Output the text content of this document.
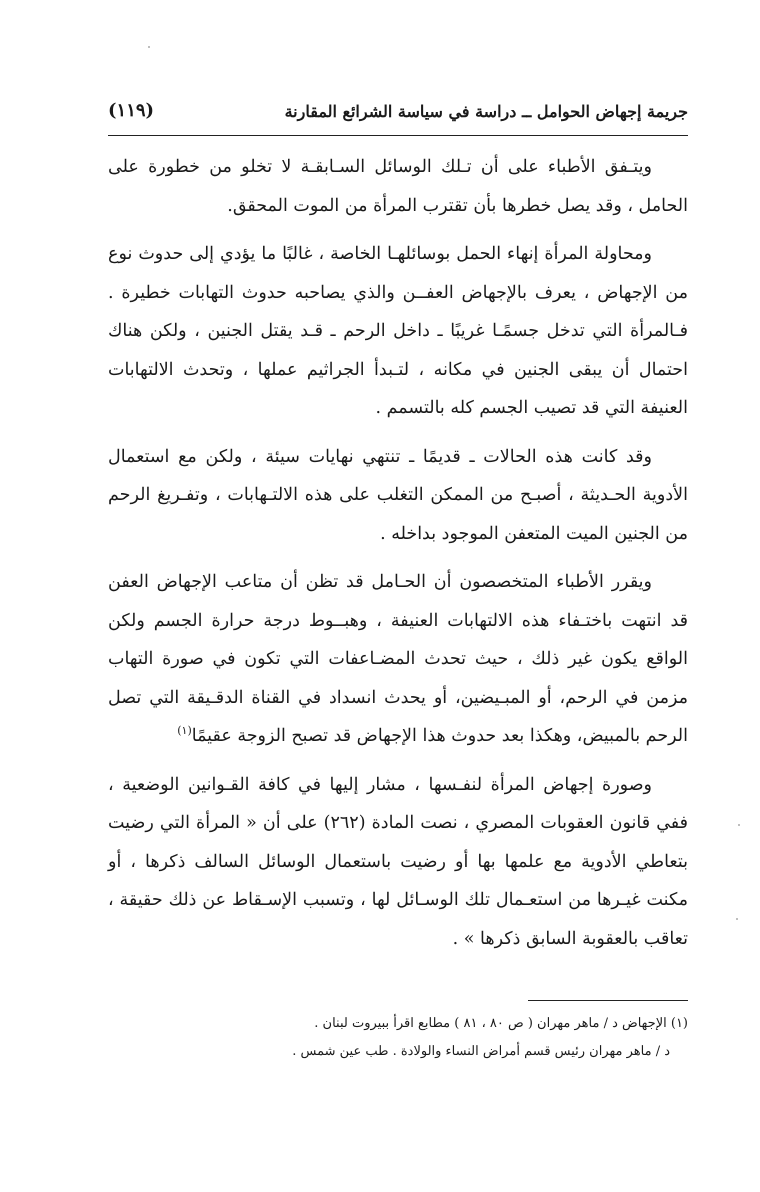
جريمة إجهاض الحوامل ــ دراسة في سياسة الشرائع المقارنة
(١١٩)

ويتـفق الأطباء على أن تـلك الوسائل السـابقـة لا تخلو من خطورة على الحامل ، وقد يصل خطرها بأن تقترب المرأة من الموت المحقق.

ومحاولة المرأة إنهاء الحمل بوسائلهـا الخاصة ، غالبًا ما يؤدي إلى حدوث نوع من الإجهاض ، يعرف بالإجهاض العفــن والذي يصاحبه حدوث التهابات خطيرة . فـالمرأة التي تدخل جسمًـا غريبًا ـ داخل الرحم ـ قـد يقتل الجنين ، ولكن هناك احتمال أن يبقى الجنين في مكانه ، لتـبدأ الجراثيم عملها ، وتحدث الالتهابات العنيفة التي قد تصيب الجسم كله بالتسمم .

وقد كانت هذه الحالات ـ قديمًا ـ تنتهي نهايات سيئة ، ولكن مع استعمال الأدوية الحـديثة ، أصبـح من الممكن التغلب على هذه الالتـهابات ، وتفـريغ الرحم من الجنين الميت المتعفن الموجود بداخله .

ويقرر الأطباء المتخصصون أن الحـامل قد تظن أن متاعب الإجهاض العفن قد انتهت باختـفاء هذه الالتهابات العنيفة ، وهبــوط درجة حرارة الجسم ولكن الواقع يكون غير ذلك ، حيث تحدث المضـاعفات التي تكون في صورة التهاب مزمن في الرحم، أو المبـيضين، أو يحدث انسداد في القناة الدقـيقة التي تصل الرحم بالمبيض، وهكذا بعد حدوث هذا الإجهاض قد تصبح الزوجة عقيمًا$^{(١)}$

وصورة إجهاض المرأة لنفـسها ، مشار إليها في كافة القـوانين الوضعية ، ففي قانون العقوبات المصري ، نصت المادة (٢٦٢) على أن « المرأة التي رضيت بتعاطي الأدوية مع علمها بها أو رضيت باستعمال الوسائل السالف ذكرها ، أو مكنت غيـرها من استعـمال تلك الوسـائل لها ، وتسبب الإسـقاط عن ذلك حقيقة ، تعاقب بالعقوبة السابق ذكرها » .

(١) الإجهاض د / ماهر مهران ( ص ٨٠ ، ٨١ ) مطابع اقرأ ببيروت لبنان .
د / ماهر مهران رئيس قسم أمراض النساء والولادة . طب عين شمس .
